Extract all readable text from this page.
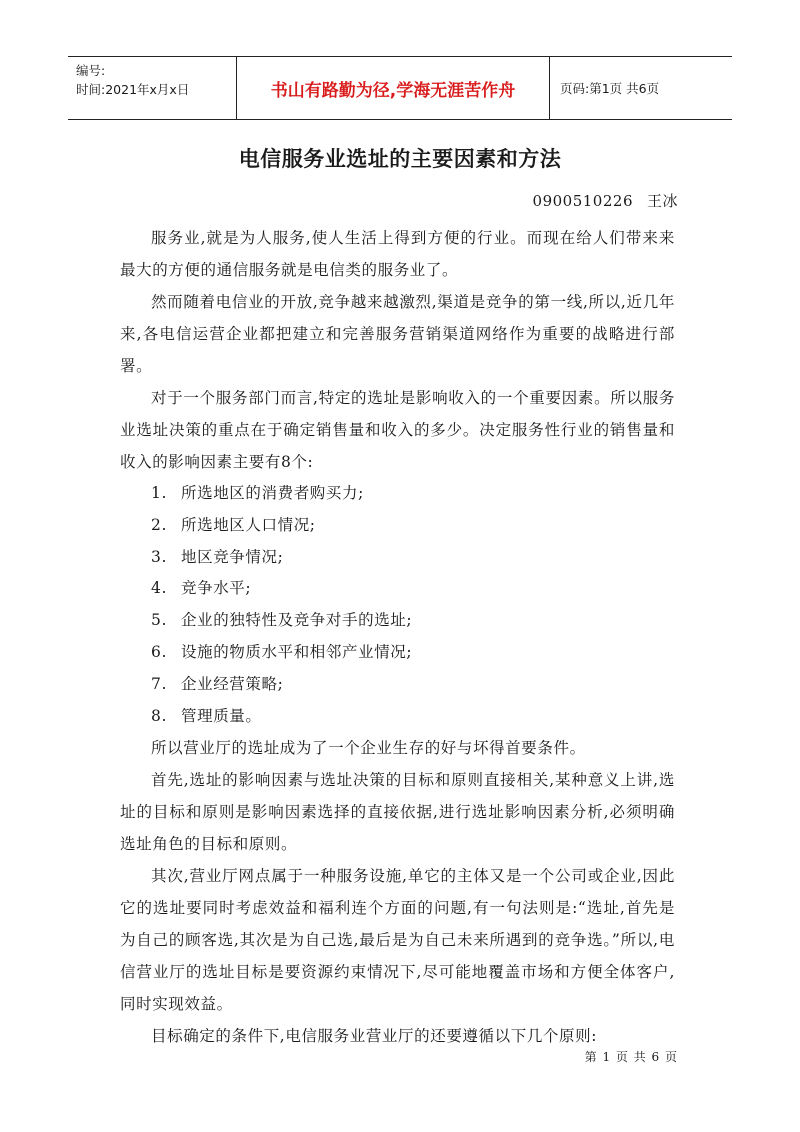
编号:
时间:2021年x月x日	书山有路勤为径,学海无涯苦作舟	页码:第1页 共6页
电信服务业选址的主要因素和方法
0900510226 王冰

服务业,就是为人服务,使人生活上得到方便的行业。而现在给人们带来来最大的方便的通信服务就是电信类的服务业了。

然而随着电信业的开放,竞争越来越激烈,渠道是竞争的第一线,所以,近几年来,各电信运营企业都把建立和完善服务营销渠道网络作为重要的战略进行部署。

对于一个服务部门而言,特定的选址是影响收入的一个重要因素。所以服务业选址决策的重点在于确定销售量和收入的多少。决定服务性行业的销售量和收入的影响因素主要有8个:

1. 所选地区的消费者购买力;
2. 所选地区人口情况;
3. 地区竞争情况;
4. 竞争水平;
5. 企业的独特性及竞争对手的选址;
6. 设施的物质水平和相邻产业情况;
7. 企业经营策略;
8. 管理质量。

所以营业厅的选址成为了一个企业生存的好与坏得首要条件。

首先,选址的影响因素与选址决策的目标和原则直接相关,某种意义上讲,选址的目标和原则是影响因素选择的直接依据,进行选址影响因素分析,必须明确选址角色的目标和原则。

其次,营业厅网点属于一种服务设施,单它的主体又是一个公司或企业,因此它的选址要同时考虑效益和福利连个方面的问题,有一句法则是:“选址,首先是为自己的顾客选,其次是为自己选,最后是为自己未来所遇到的竞争选。”所以,电信营业厅的选址目标是要资源约束情况下,尽可能地覆盖市场和方便全体客户,同时实现效益。

目标确定的条件下,电信服务业营业厅的还要遵循以下几个原则:

第 1 页 共 6 页
